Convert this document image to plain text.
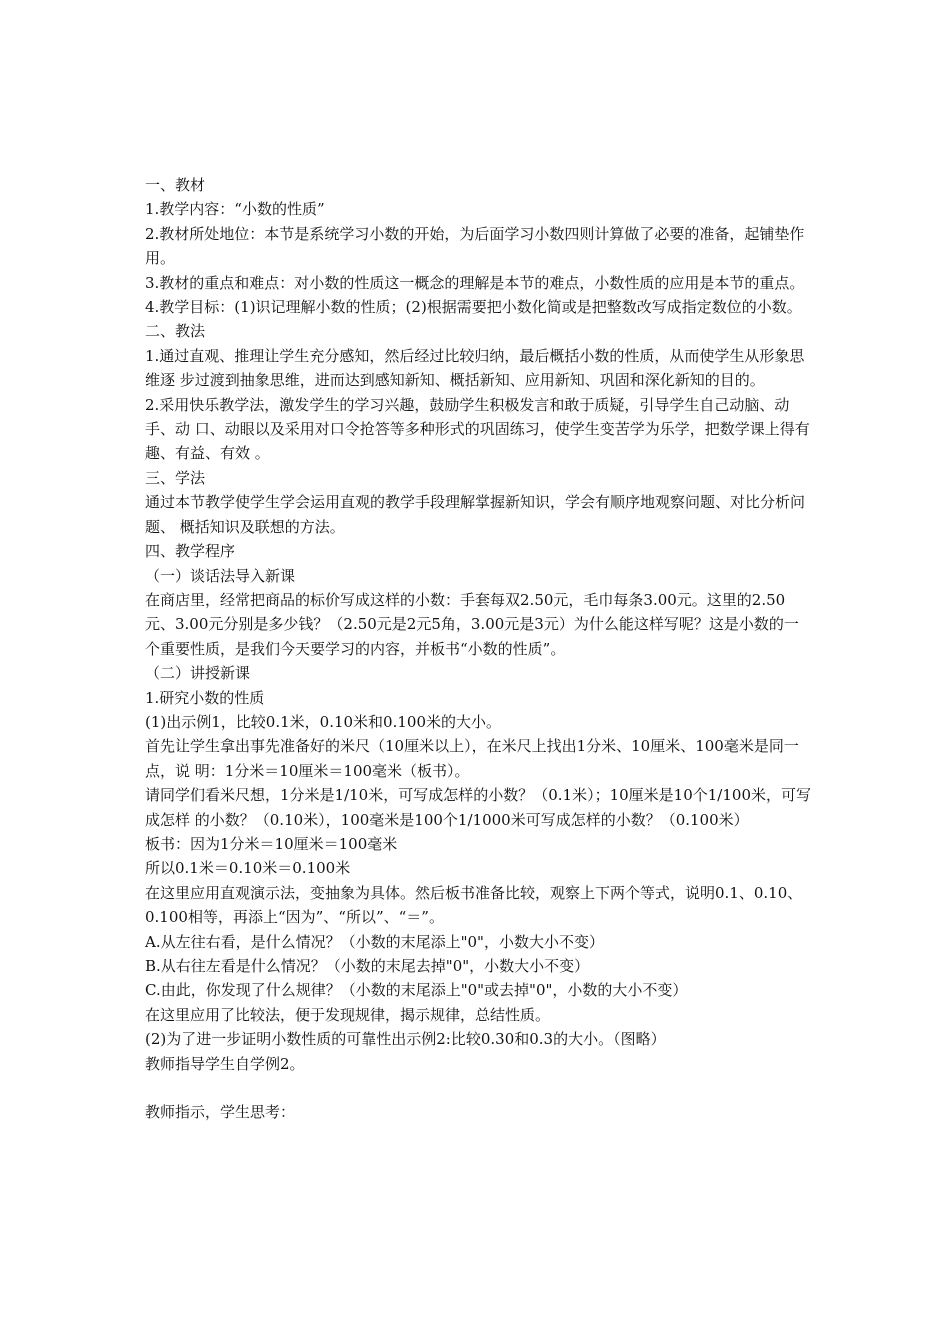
一、教材

1.教学内容：“小数的性质”

2.教材所处地位：本节是系统学习小数的开始，为后面学习小数四则计算做了必要的准备，起铺垫作用。

3.教材的重点和难点：对小数的性质这一概念的理解是本节的难点，小数性质的应用是本节的重点。

4.教学目标：(1)识记理解小数的性质；(2)根据需要把小数化简或是把整数改写成指定数位的小数。

二、教法

1.通过直观、推理让学生充分感知，然后经过比较归纳，最后概括小数的性质，从而使学生从形象思维逐 步过渡到抽象思维，进而达到感知新知、概括新知、应用新知、巩固和深化新知的目的。

2.采用快乐教学法，激发学生的学习兴趣，鼓励学生积极发言和敢于质疑，引导学生自己动脑、动手、动 口、动眼以及采用对口令抢答等多种形式的巩固练习，使学生变苦学为乐学，把数学课上得有趣、有益、有效 。

三、学法

通过本节教学使学生学会运用直观的教学手段理解掌握新知识，学会有顺序地观察问题、对比分析问题、 概括知识及联想的方法。

四、教学程序

（一）谈话法导入新课

在商店里，经常把商品的标价写成这样的小数：手套每双2.50元，毛巾每条3.00元。这里的2.50元、3.00元分别是多少钱？（2.50元是2元5角，3.00元是3元）为什么能这样写呢？这是小数的一个重要性质，是我们今天要学习的内容，并板书“小数的性质”。

（二）讲授新课

1.研究小数的性质

(1)出示例1，比较0.1米，0.10米和0.100米的大小。

首先让学生拿出事先准备好的米尺（10厘米以上），在米尺上找出1分米、10厘米、100毫米是同一点，说 明：1分米＝10厘米＝100毫米（板书）。

请同学们看米尺想，1分米是1/10米，可写成怎样的小数？（0.1米）；10厘米是10个1/100米，可写成怎样 的小数？（0.10米），100毫米是100个1/1000米可写成怎样的小数？（0.100米）

板书：因为1分米＝10厘米＝100毫米

所以0.1米＝0.10米＝0.100米

在这里应用直观演示法，变抽象为具体。然后板书准备比较，观察上下两个等式，说明0.1、0.10、0.100相等，再添上“因为”、“所以”、“＝”。

A.从左往右看，是什么情况？（小数的末尾添上"0"，小数大小不变）

B.从右往左看是什么情况？（小数的末尾去掉"0"，小数大小不变）

C.由此，你发现了什么规律？（小数的末尾添上"0"或去掉"0"，小数的大小不变）

在这里应用了比较法，便于发现规律，揭示规律，总结性质。

(2)为了进一步证明小数性质的可靠性出示例2:比较0.30和0.3的大小。（图略）

教师指导学生自学例2。

教师指示，学生思考：
